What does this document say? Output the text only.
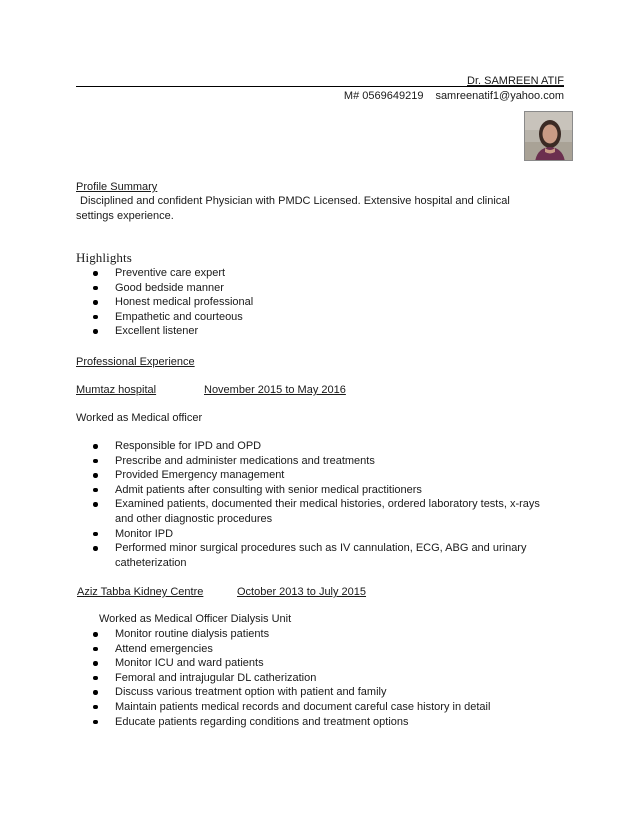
Dr. SAMREEN ATIF
M# 0569649219 samreenatif1@yahoo.com
Profile Summary
Disciplined and confident Physician with PMDC Licensed. Extensive hospital and clinical settings experience.
Highlights
Preventive care expert
Good bedside manner
Honest medical professional
Empathetic and courteous
Excellent listener
Professional Experience
Mumtaz hospital	November 2015 to May 2016
Worked as Medical officer
Responsible for IPD and OPD
Prescribe and administer medications and treatments
Provided Emergency management
Admit patients after consulting with senior medical practitioners
Examined patients, documented their medical histories, ordered laboratory tests, x-rays and other diagnostic procedures
Monitor IPD
Performed minor surgical procedures such as IV cannulation, ECG, ABG and urinary catheterization
Aziz Tabba Kidney Centre	October 2013 to July 2015
Worked as Medical Officer Dialysis Unit
Monitor routine dialysis patients
Attend emergencies
Monitor ICU and ward patients
Femoral and intrajugular DL catherization
Discuss various treatment option with patient and family
Maintain patients medical records and document careful case history in detail
Educate patients regarding conditions and treatment options
